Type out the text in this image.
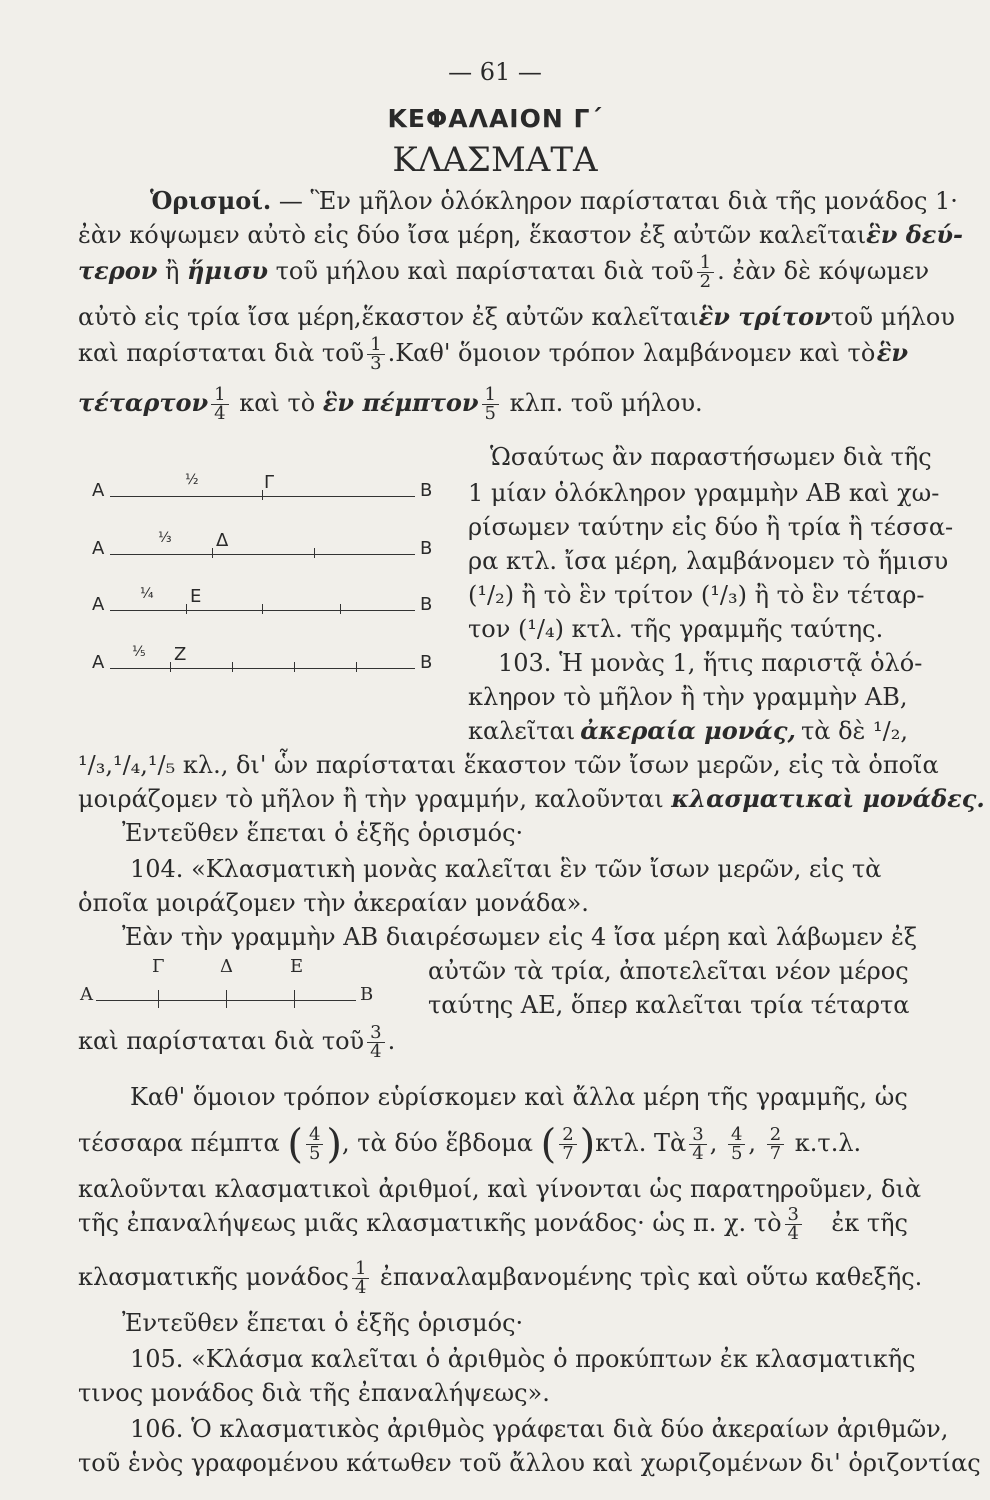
— 61 —
ΚΕΦΑΛΑΙΟΝ Γ΄
ΚΛΑΣΜΑΤΑ
Ὁρισμοί. — Ἓν μῆλον ὁλόκληρον παρίσταται διὰ τῆς μονάδος 1·
ἐὰν κόψωμεν αὐτὸ εἰς δύο ἴσα μέρη, ἕκαστον ἐξ αὐτῶν καλεῖται ἓν δεύ-
τερον ἢ ἥμισυ τοῦ μήλου καὶ παρίσταται διὰ τοῦ $\frac{1}{2}$ . ἐὰν δὲ κόψωμεν
αὐτὸ εἰς τρία ἴσα μέρη,ἕκαστον ἐξ αὐτῶν καλεῖται ἓν τρίτον τοῦ μήλου
καὶ παρίσταται διὰ τοῦ $\frac{1}{3} .K\alpha\theta'$ ὅμοιον τρόπον λαμβάνομεν καὶ τὸ ἓν
τέταρτον $\frac{1}{4}$ καὶ τὸ ἓν πέμπτον $\frac{1}{5} \kappa\lambda\pi$. τοῦ μήλου.
Α	½	Γ	Β
Α	⅓ Δ	Β
Α	¼ Ε	Β
Α ⅕ Ζ	Β
Ὡσαύτως ἂν παραστήσωμεν διὰ τῆς
1 μίαν ὁλόκληρον γραμμὴν ΑΒ καὶ χω-
ρίσωμεν ταύτην εἰς δύο ἢ τρία ἢ τέσσα-
ρα κτλ. ἴσα μέρη, λαμβάνομεν τὸ ἥμισυ
(¹/₂) ἢ τὸ ἓν τρίτον (¹/₃) ἢ τὸ ἓν τέταρ-
τον (¹/₄) κτλ. τῆς γραμμῆς ταύτης.
103. Ἡ μονὰς 1, ἥτις παριστᾷ ὁλό-
κληρον τὸ μῆλον ἢ τὴν γραμμὴν ΑΒ,
καλεῖται ἀκεραία μονάς, τὰ δὲ ¹/₂,
¹/₃,¹/₄,¹/₅ κλ., δι' ὧν παρίσταται ἕκαστον τῶν ἴσων μερῶν, εἰς τὰ ὁποῖα
μοιράζομεν τὸ μῆλον ἢ τὴν γραμμήν, καλοῦνται κλασματικαὶ μονάδες.
Ἐντεῦθεν ἕπεται ὁ ἑξῆς ὁρισμός·
104. «Κλασματικὴ μονὰς καλεῖται ἓν τῶν ἴσων μερῶν, εἰς τὰ
ὁποῖα μοιράζομεν τὴν ἀκεραίαν μονάδα».
Ἐὰν τὴν γραμμὴν ΑΒ διαιρέσωμεν εἰς 4 ἴσα μέρη καὶ λάβωμεν ἐξ
Γ	Δ	Ε
Α	Β
αὐτῶν τὰ τρία, ἀποτελεῖται νέον μέρος
ταύτης ΑΕ, ὅπερ καλεῖται τρία τέταρτα
καὶ παρίσταται διὰ τοῦ $\frac{3}{4}$ .
Καθ' ὅμοιον τρόπον εὑρίσκομεν καὶ ἄλλα μέρη τῆς γραμμῆς, ὡς
τέσσαρα πέμπτα ( $\frac{4}{5}$ ), τὰ δύο ἕβδομα ( $\frac{2}{7} )\kappa\tau\lambda$. Τὰ $\frac{3}{4}$ , $\frac{4}{5}$ , $\frac{2}{7} \kappa.\tau.\lambda$.
καλοῦνται κλασματικοὶ ἀριθμοί, καὶ γίνονται ὡς παρατηροῦμεν, διὰ
τῆς ἐπαναλήψεως μιᾶς κλασματικῆς μονάδος· ὡς π. χ. τὸ $\frac{3}{4}$ ἐκ τῆς
κλασματικῆς μονάδος $\frac{1}{4}$ ἐπαναλαμβανομένης τρὶς καὶ οὕτω καθεξῆς.
Ἐντεῦθεν ἕπεται ὁ ἑξῆς ὁρισμός·
105. «Κλάσμα καλεῖται ὁ ἀριθμὸς ὁ προκύπτων ἐκ κλασματικῆς
τινος μονάδος διὰ τῆς ἐπαναλήψεως».
106. Ὁ κλασματικὸς ἀριθμὸς γράφεται διὰ δύο ἀκεραίων ἀριθμῶν,
τοῦ ἑνὸς γραφομένου κάτωθεν τοῦ ἄλλου καὶ χωριζομένων δι' ὁριζοντίας
